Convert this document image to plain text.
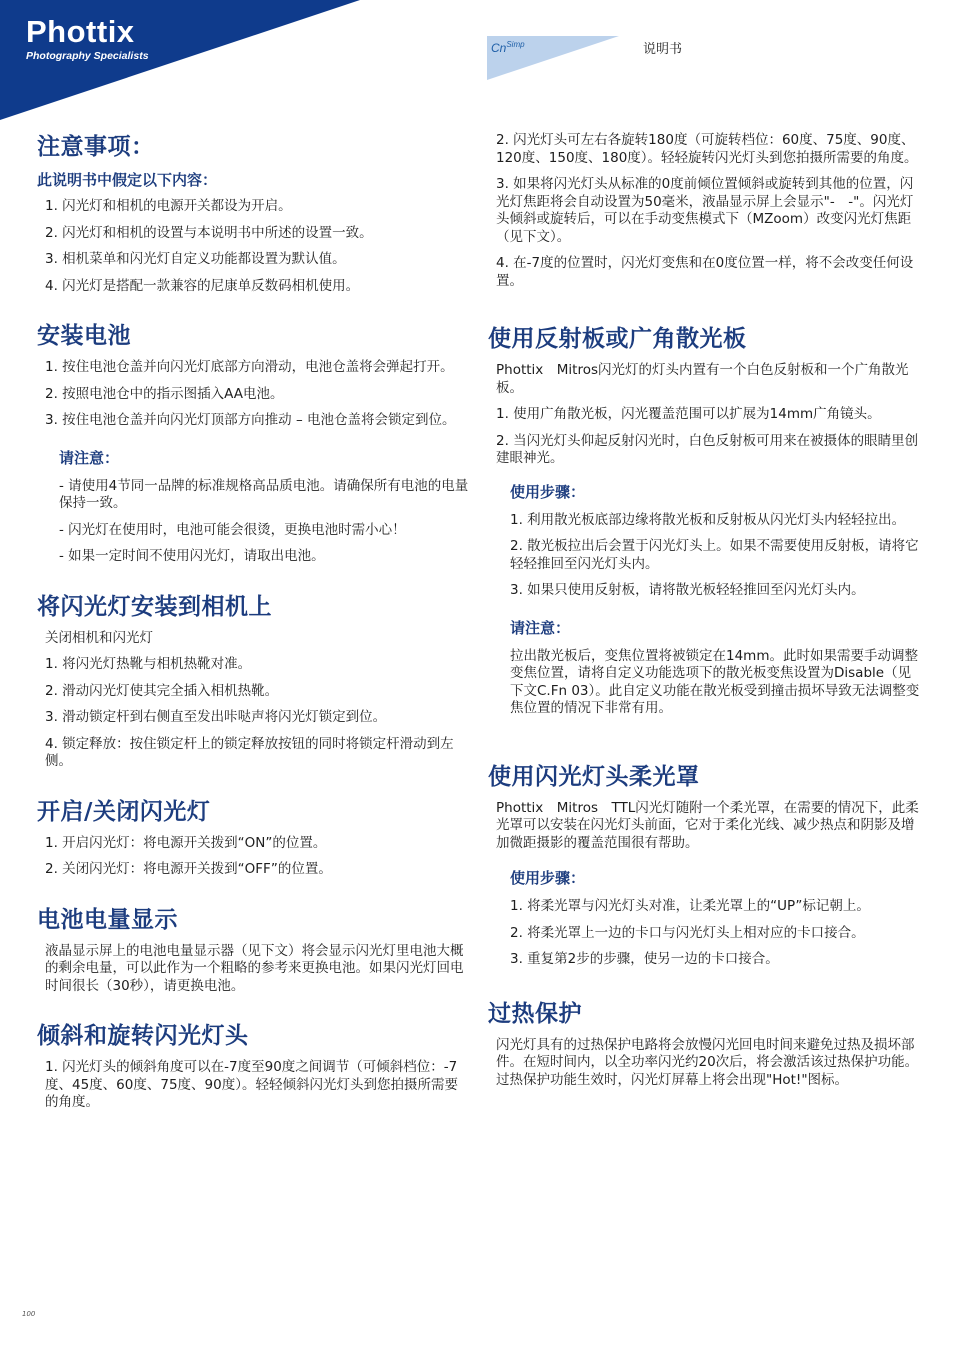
Phottix
Photography Specialists
$Cn^{Simp}$	说明书
注意事项：
此说明书中假定以下内容：

1. 闪光灯和相机的电源开关都设为开启。

2. 闪光灯和相机的设置与本说明书中所述的设置一致。

3. 相机菜单和闪光灯自定义功能都设置为默认值。

4. 闪光灯是搭配一款兼容的尼康单反数码相机使用。

安装电池

1. 按住电池仓盖并向闪光灯底部方向滑动，电池仓盖将会弹起打开。

2. 按照电池仓中的指示图插入AA电池。

3. 按住电池仓盖并向闪光灯顶部方向推动 – 电池仓盖将会锁定到位。

请注意：

- 请使用4节同一品牌的标准规格高品质电池。请确保所有电池的电量保持一致。

- 闪光灯在使用时，电池可能会很烫，更换电池时需小心！

- 如果一定时间不使用闪光灯，请取出电池。

将闪光灯安装到相机上

关闭相机和闪光灯

1. 将闪光灯热靴与相机热靴对准。

2. 滑动闪光灯使其完全插入相机热靴。

3. 滑动锁定杆到右侧直至发出咔哒声将闪光灯锁定到位。

4. 锁定释放：按住锁定杆上的锁定释放按钮的同时将锁定杆滑动到左侧。

开启/关闭闪光灯

1. 开启闪光灯：将电源开关拨到“ON”的位置。

2. 关闭闪光灯：将电源开关拨到“OFF”的位置。

电池电量显示

液晶显示屏上的电池电量显示器（见下文）将会显示闪光灯里电池大概的剩余电量，可以此作为一个粗略的参考来更换电池。如果闪光灯回电时间很长（30秒），请更换电池。

倾斜和旋转闪光灯头

1. 闪光灯头的倾斜角度可以在-7度至90度之间调节（可倾斜档位：-7度、45度、60度、75度、90度）。轻轻倾斜闪光灯头到您拍摄所需要的角度。

2. 闪光灯头可左右各旋转180度（可旋转档位：60度、75度、90度、120度、150度、180度）。轻轻旋转闪光灯头到您拍摄所需要的角度。

3. 如果将闪光灯头从标准的0度前倾位置倾斜或旋转到其他的位置，闪光灯焦距将会自动设置为50毫米，液晶显示屏上会显示"-　-"。闪光灯头倾斜或旋转后，可以在手动变焦模式下（MZoom）改变闪光灯焦距（见下文）。

4. 在-7度的位置时，闪光灯变焦和在0度位置一样，将不会改变任何设置。

使用反射板或广角散光板

Phottix　Mitros闪光灯的灯头内置有一个白色反射板和一个广角散光板。

1. 使用广角散光板，闪光覆盖范围可以扩展为14mm广角镜头。

2. 当闪光灯头仰起反射闪光时，白色反射板可用来在被摄体的眼睛里创建眼神光。

使用步骤：

1. 利用散光板底部边缘将散光板和反射板从闪光灯头内轻轻拉出。

2. 散光板拉出后会置于闪光灯头上。如果不需要使用反射板，请将它轻轻推回至闪光灯头内。

3. 如果只使用反射板，请将散光板轻轻推回至闪光灯头内。

请注意：

拉出散光板后，变焦位置将被锁定在14mm。此时如果需要手动调整变焦位置，请将自定义功能选项下的散光板变焦设置为Disable（见下文C.Fn 03）。此自定义功能在散光板受到撞击损坏导致无法调整变焦位置的情况下非常有用。

使用闪光灯头柔光罩

Phottix　Mitros　TTL闪光灯随附一个柔光罩，在需要的情况下，此柔光罩可以安装在闪光灯头前面，它对于柔化光线、减少热点和阴影及增加微距摄影的覆盖范围很有帮助。

使用步骤：

1. 将柔光罩与闪光灯头对准，让柔光罩上的“UP”标记朝上。

2. 将柔光罩上一边的卡口与闪光灯头上相对应的卡口接合。

3. 重复第2步的步骤，使另一边的卡口接合。

过热保护

闪光灯具有的过热保护电路将会放慢闪光回电时间来避免过热及损坏部件。在短时间内，以全功率闪光约20次后，将会激活该过热保护功能。过热保护功能生效时，闪光灯屏幕上将会出现"Hot!"图标。

100
